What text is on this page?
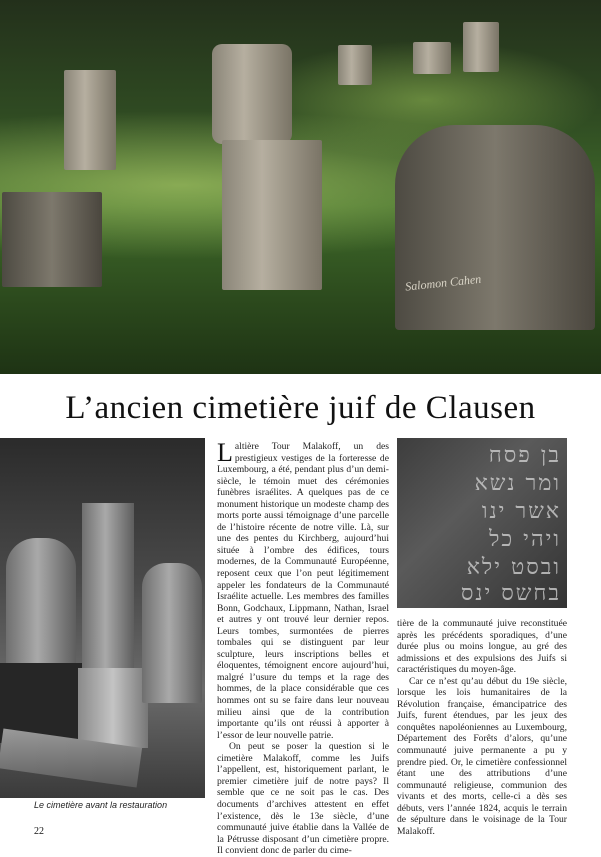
Salomon Cahen
L’ancien cimetière juif de Clausen

Le cimetière avant la restauration

Laltière Tour Malakoff, un des prestigieux vestiges de la forteresse de Luxembourg, a été, pendant plus d’un demi-siècle, le témoin muet des cérémonies funèbres israélites. A quelques pas de ce monument historique un modeste champ des morts porte aussi témoignage d’une parcelle de l’histoire récente de notre ville. Là, sur une des pentes du Kirchberg, aujourd’hui située à l’ombre des édifices, tours modernes, de la Communauté Européenne, reposent ceux que l’on peut légitimement appeler les fondateurs de la Communauté Israélite actuelle. Les membres des familles Bonn, Godchaux, Lippmann, Nathan, Israel et autres y ont trouvé leur dernier repos. Leurs tombes, surmontées de pierres tombales qui se distinguent par leur sculpture, leurs inscriptions belles et éloquentes, témoignent encore aujourd’hui, malgré l’usure du temps et la rage des hommes, de la place considérable que ces hommes ont su se faire dans leur nouveau milieu ainsi que de la contribution importante qu’ils ont réussi à apporter à l’essor de leur nouvelle patrie.

On peut se poser la question si le cimetière Malakoff, comme les Juifs l’appellent, est, historiquement parlant, le premier cimetière juif de notre pays? Il semble que ce ne soit pas le cas. Des documents d’archives attestent en effet l’existence, dès le 13e siècle, d’une communauté juive établie dans la Vallée de la Pétrusse disposant d’un cimetière propre. Il convient donc de parler du cime-

בן פסח
ומר נשא
אשר ינו
ויהי כל
ובסט ילא
בחשס ינס

tière de la communauté juive reconstituée après les précédents sporadiques, d’une durée plus ou moins longue, au gré des admissions et des expulsions des Juifs si caractéristiques du moyen-âge.

Car ce n’est qu’au début du 19e siècle, lorsque les lois humanitaires de la Révolution française, émancipatrice des Juifs, furent étendues, par les jeux des conquêtes napoléoniennes au Luxembourg, Département des Forêts d’alors, qu’une communauté juive permanente a pu y prendre pied. Or, le cimetière confessionnel étant une des attributions d’une communauté religieuse, communion des vivants et des morts, celle-ci a dès ses débuts, vers l’année 1824, acquis le terrain de sépulture dans le voisinage de la Tour Malakoff.

22
